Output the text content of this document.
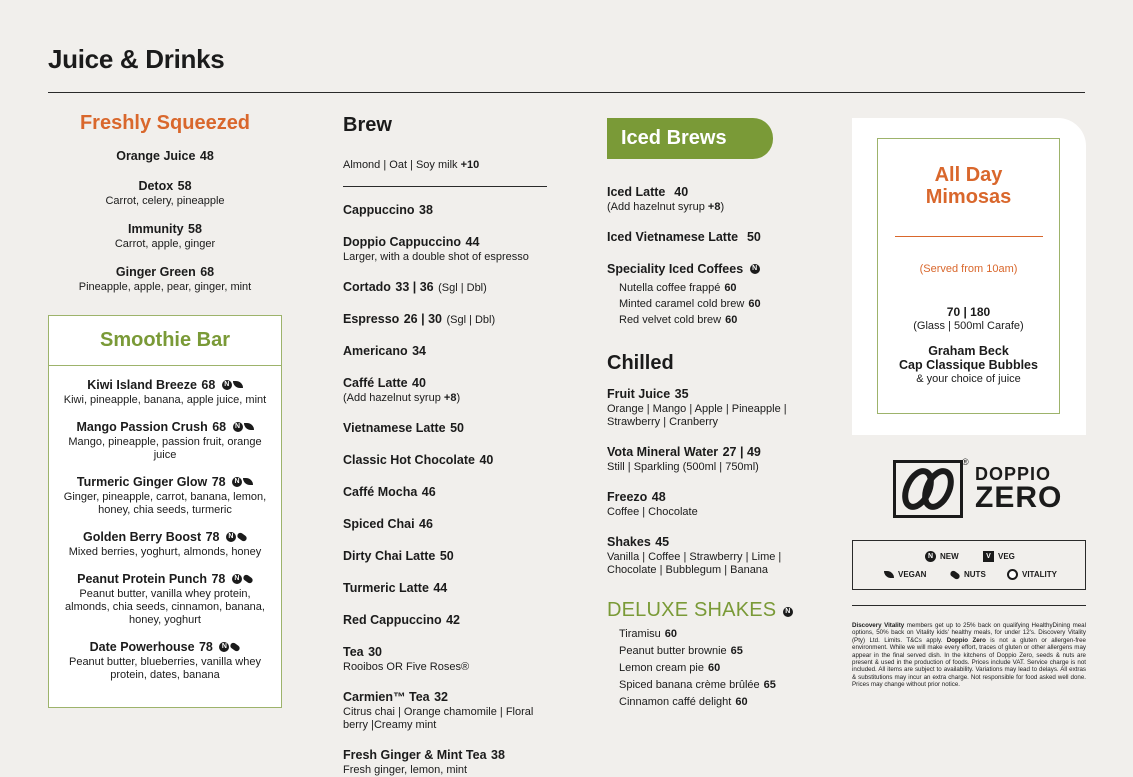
Juice & Drinks
Freshly Squeezed
Orange Juice 48
Detox 58
Carrot, celery, pineapple
Immunity 58
Carrot, apple, ginger
Ginger Green 68
Pineapple, apple, pear, ginger, mint
Smoothie Bar
Kiwi Island Breeze 68 N
Kiwi, pineapple, banana, apple juice, mint
Mango Passion Crush 68 N
Mango, pineapple, passion fruit, orange juice
Turmeric Ginger Glow 78 N
Ginger, pineapple, carrot, banana, lemon, honey, chia seeds, turmeric
Golden Berry Boost 78 N
Mixed berries, yoghurt, almonds, honey
Peanut Protein Punch 78 N
Peanut butter, vanilla whey protein, almonds, chia seeds, cinnamon, banana, honey, yoghurt
Date Powerhouse 78 N
Peanut butter, blueberries, vanilla whey protein, dates, banana
Brew
Almond | Oat | Soy milk +10
Cappuccino 38
Doppio Cappuccino 44
Larger, with a double shot of espresso
Cortado 33 | 36 (Sgl | Dbl)
Espresso 26 | 30 (Sgl | Dbl)
Americano 34
Caffé Latte 40
(Add hazelnut syrup +8)
Vietnamese Latte 50
Classic Hot Chocolate 40
Caffé Mocha 46
Spiced Chai 46
Dirty Chai Latte 50
Turmeric Latte 44
Red Cappuccino 42
Tea 30
Rooibos OR Five Roses®
Carmien™ Tea 32
Citrus chai | Orange chamomile | Floral berry |Creamy mint
Fresh Ginger & Mint Tea 38
Fresh ginger, lemon, mint
Iced Brews
Iced Latte 40
(Add hazelnut syrup +8)
Iced Vietnamese Latte 50
Speciality Iced Coffees N
Nutella coffee frappé 60
Minted caramel cold brew 60
Red velvet cold brew 60
Chilled
Fruit Juice 35
Orange | Mango | Apple | Pineapple | Strawberry | Cranberry
Vota Mineral Water 27 | 49
Still | Sparkling (500ml | 750ml)
Freezo 48
Coffee | Chocolate
Shakes 45
Vanilla | Coffee | Strawberry | Lime | Chocolate | Bubblegum | Banana
DELUXE SHAKES N
Tiramisu 60
Peanut butter brownie 65
Lemon cream pie 60
Spiced banana crème brûlée 65
Cinnamon caffé delight 60
All Day
Mimosas
(Served from 10am)
70 | 180
(Glass | 500ml Carafe)
Graham Beck
Cap Classique Bubbles
& your choice of juice
®
DOPPIO
ZERO
N NEW	V VEG
VEGAN	NUTS	VITALITY
Discovery Vitality members get up to 25% back on qualifying HealthyDining meal options, 50% back on Vitality kids' healthy meals, for under 12's. Discovery Vitality (Pty) Ltd. Limits. T&Cs apply. Doppio Zero is not a gluten or allergen-free environment. While we will make every effort, traces of gluten or other allergens may appear in the final served dish. In the kitchens of Doppio Zero, seeds & nuts are present & used in the production of foods. Prices include VAT. Service charge is not included. All items are subject to availability. Variations may lead to delays. All extras & substitutions may incur an extra charge. Not responsible for food asked well done. Prices may change without prior notice.
